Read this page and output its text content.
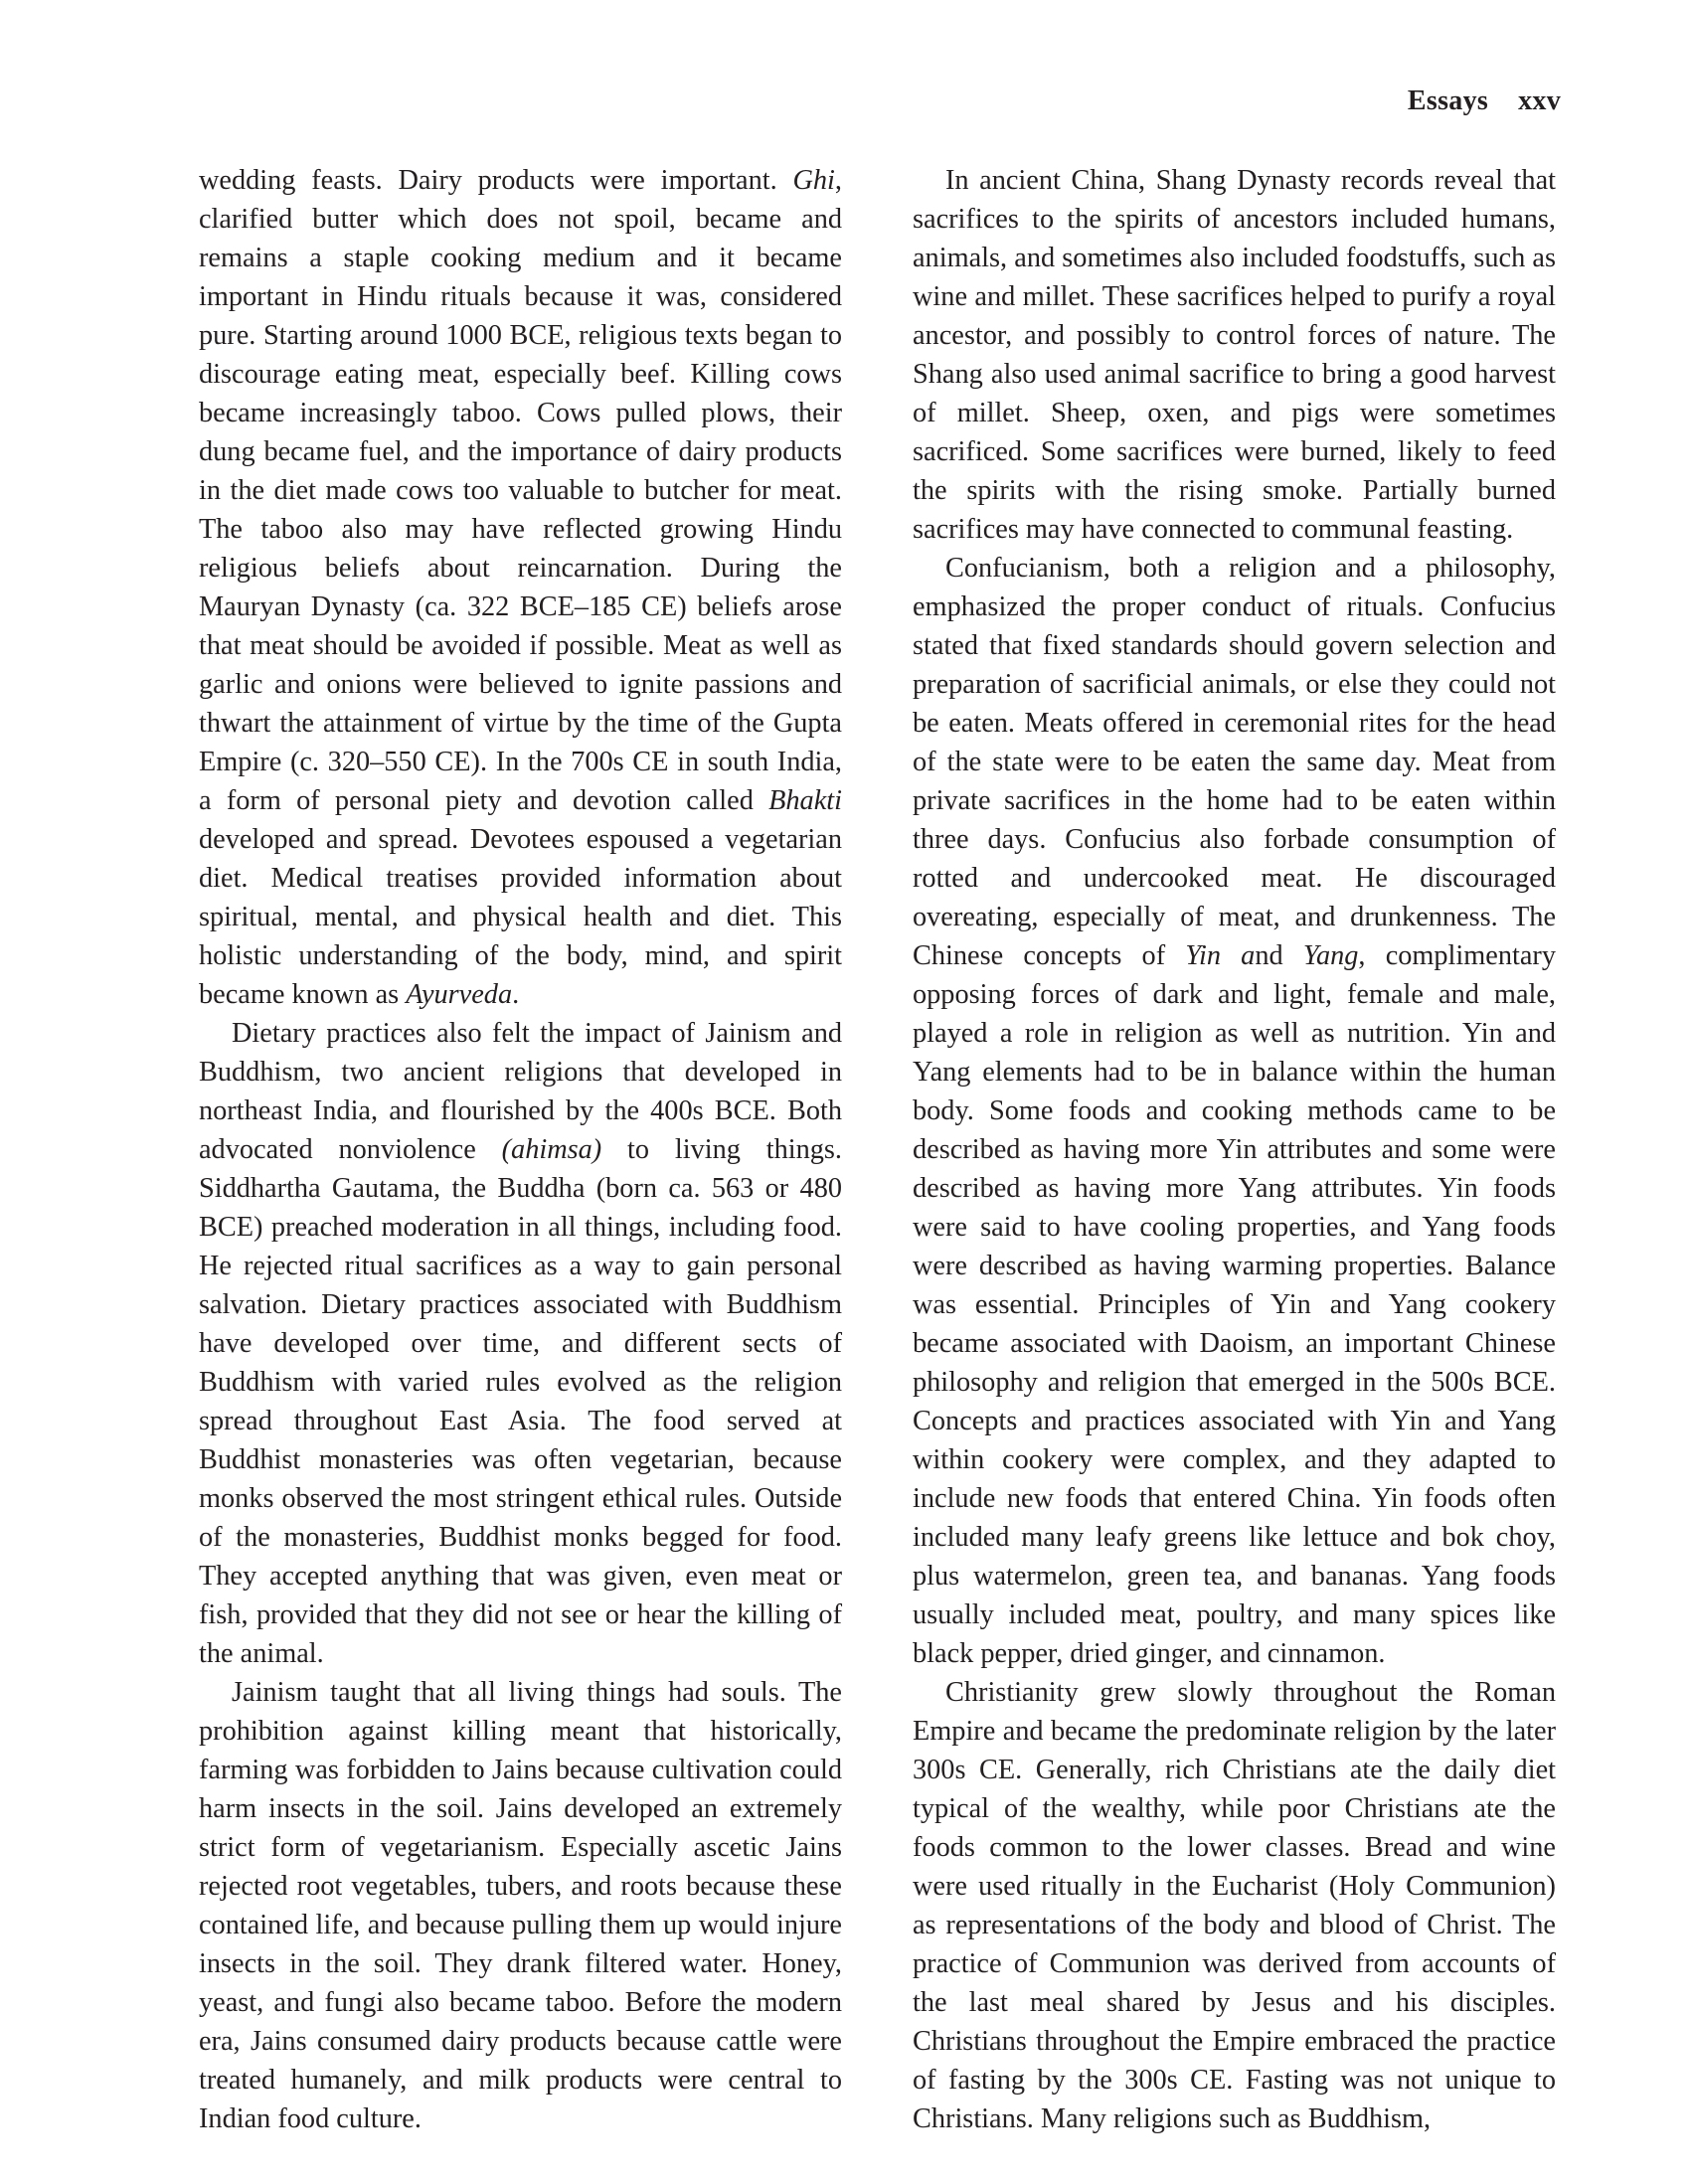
Essays xxv

wedding feasts. Dairy products were important. Ghi, clarified butter which does not spoil, became and remains a staple cooking medium and it became important in Hindu rituals because it was, considered pure. Starting around 1000 BCE, religious texts began to discourage eating meat, especially beef. Killing cows became increasingly taboo. Cows pulled plows, their dung became fuel, and the importance of dairy products in the diet made cows too valuable to butcher for meat. The taboo also may have reflected growing Hindu religious beliefs about reincarnation. During the Mauryan Dynasty (ca. 322 BCE–185 CE) beliefs arose that meat should be avoided if possible. Meat as well as garlic and onions were believed to ignite passions and thwart the attainment of virtue by the time of the Gupta Empire (c. 320–550 CE). In the 700s CE in south India, a form of personal piety and devotion called Bhakti developed and spread. Devotees espoused a vegetarian diet. Medical treatises provided information about spiritual, mental, and physical health and diet. This holistic understanding of the body, mind, and spirit became known as Ayurveda.

Dietary practices also felt the impact of Jainism and Buddhism, two ancient religions that developed in northeast India, and flourished by the 400s BCE. Both advocated nonviolence (ahimsa) to living things. Siddhartha Gautama, the Buddha (born ca. 563 or 480 BCE) preached moderation in all things, including food. He rejected ritual sacrifices as a way to gain personal salvation. Dietary practices associated with Buddhism have developed over time, and different sects of Buddhism with varied rules evolved as the religion spread throughout East Asia. The food served at Buddhist monasteries was often vegetarian, because monks observed the most stringent ethical rules. Outside of the monasteries, Buddhist monks begged for food. They accepted anything that was given, even meat or fish, provided that they did not see or hear the killing of the animal.

Jainism taught that all living things had souls. The prohibition against killing meant that historically, farming was forbidden to Jains because cultivation could harm insects in the soil. Jains developed an extremely strict form of vegetarianism. Especially ascetic Jains rejected root vegetables, tubers, and roots because these contained life, and because pulling them up would injure insects in the soil. They drank filtered water. Honey, yeast, and fungi also became taboo. Before the modern era, Jains consumed dairy products because cattle were treated humanely, and milk products were central to Indian food culture.

In ancient China, Shang Dynasty records reveal that sacrifices to the spirits of ancestors included humans, animals, and sometimes also included foodstuffs, such as wine and millet. These sacrifices helped to purify a royal ancestor, and possibly to control forces of nature. The Shang also used animal sacrifice to bring a good harvest of millet. Sheep, oxen, and pigs were sometimes sacrificed. Some sacrifices were burned, likely to feed the spirits with the rising smoke. Partially burned sacrifices may have connected to communal feasting.

Confucianism, both a religion and a philosophy, emphasized the proper conduct of rituals. Confucius stated that fixed standards should govern selection and preparation of sacrificial animals, or else they could not be eaten. Meats offered in ceremonial rites for the head of the state were to be eaten the same day. Meat from private sacrifices in the home had to be eaten within three days. Confucius also forbade consumption of rotted and undercooked meat. He discouraged overeating, especially of meat, and drunkenness. The Chinese concepts of Yin and Yang, complimentary opposing forces of dark and light, female and male, played a role in religion as well as nutrition. Yin and Yang elements had to be in balance within the human body. Some foods and cooking methods came to be described as having more Yin attributes and some were described as having more Yang attributes. Yin foods were said to have cooling properties, and Yang foods were described as having warming properties. Balance was essential. Principles of Yin and Yang cookery became associated with Daoism, an important Chinese philosophy and religion that emerged in the 500s BCE. Concepts and practices associated with Yin and Yang within cookery were complex, and they adapted to include new foods that entered China. Yin foods often included many leafy greens like lettuce and bok choy, plus watermelon, green tea, and bananas. Yang foods usually included meat, poultry, and many spices like black pepper, dried ginger, and cinnamon.

Christianity grew slowly throughout the Roman Empire and became the predominate religion by the later 300s CE. Generally, rich Christians ate the daily diet typical of the wealthy, while poor Christians ate the foods common to the lower classes. Bread and wine were used ritually in the Eucharist (Holy Communion) as representations of the body and blood of Christ. The practice of Communion was derived from accounts of the last meal shared by Jesus and his disciples. Christians throughout the Empire embraced the practice of fasting by the 300s CE. Fasting was not unique to Christians. Many religions such as Buddhism,
